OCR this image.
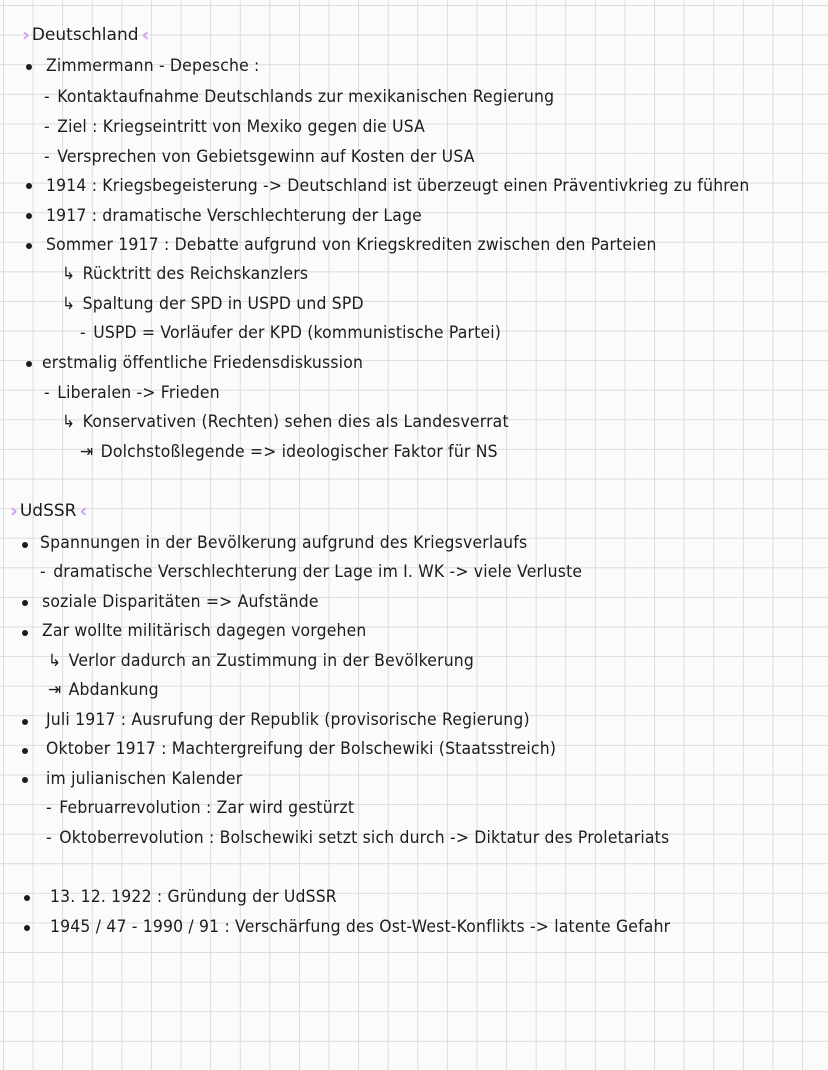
› Deutschland ‹
Zimmermann - Depesche :
- Kontaktaufnahme Deutschlands zur mexikanischen Regierung
- Ziel : Kriegseintritt von Mexiko gegen die USA
- Versprechen von Gebietsgewinn auf Kosten der USA
1914 : Kriegsbegeisterung -> Deutschland ist überzeugt einen Präventivkrieg zu führen
1917 : dramatische Verschlechterung der Lage
Sommer 1917 : Debatte aufgrund von Kriegskrediten zwischen den Parteien
↳ Rücktritt des Reichskanzlers
↳ Spaltung der SPD in USPD und SPD
- USPD = Vorläufer der KPD (kommunistische Partei)
erstmalig öffentliche Friedensdiskussion
- Liberalen -> Frieden
↳ Konservativen (Rechten) sehen dies als Landesverrat
⇥ Dolchstoßlegende => ideologischer Faktor für NS
› UdSSR ‹
Spannungen in der Bevölkerung aufgrund des Kriegsverlaufs
- dramatische Verschlechterung der Lage im I. WK -> viele Verluste
soziale Disparitäten => Aufstände
Zar wollte militärisch dagegen vorgehen
↳ Verlor dadurch an Zustimmung in der Bevölkerung
⇥ Abdankung
Juli 1917 : Ausrufung der Republik (provisorische Regierung)
Oktober 1917 : Machtergreifung der Bolschewiki (Staatsstreich)
im julianischen Kalender
- Februarrevolution : Zar wird gestürzt
- Oktoberrevolution : Bolschewiki setzt sich durch -> Diktatur des Proletariats
13. 12. 1922 : Gründung der UdSSR
1945 / 47 - 1990 / 91 : Verschärfung des Ost-West-Konflikts -> latente Gefahr
